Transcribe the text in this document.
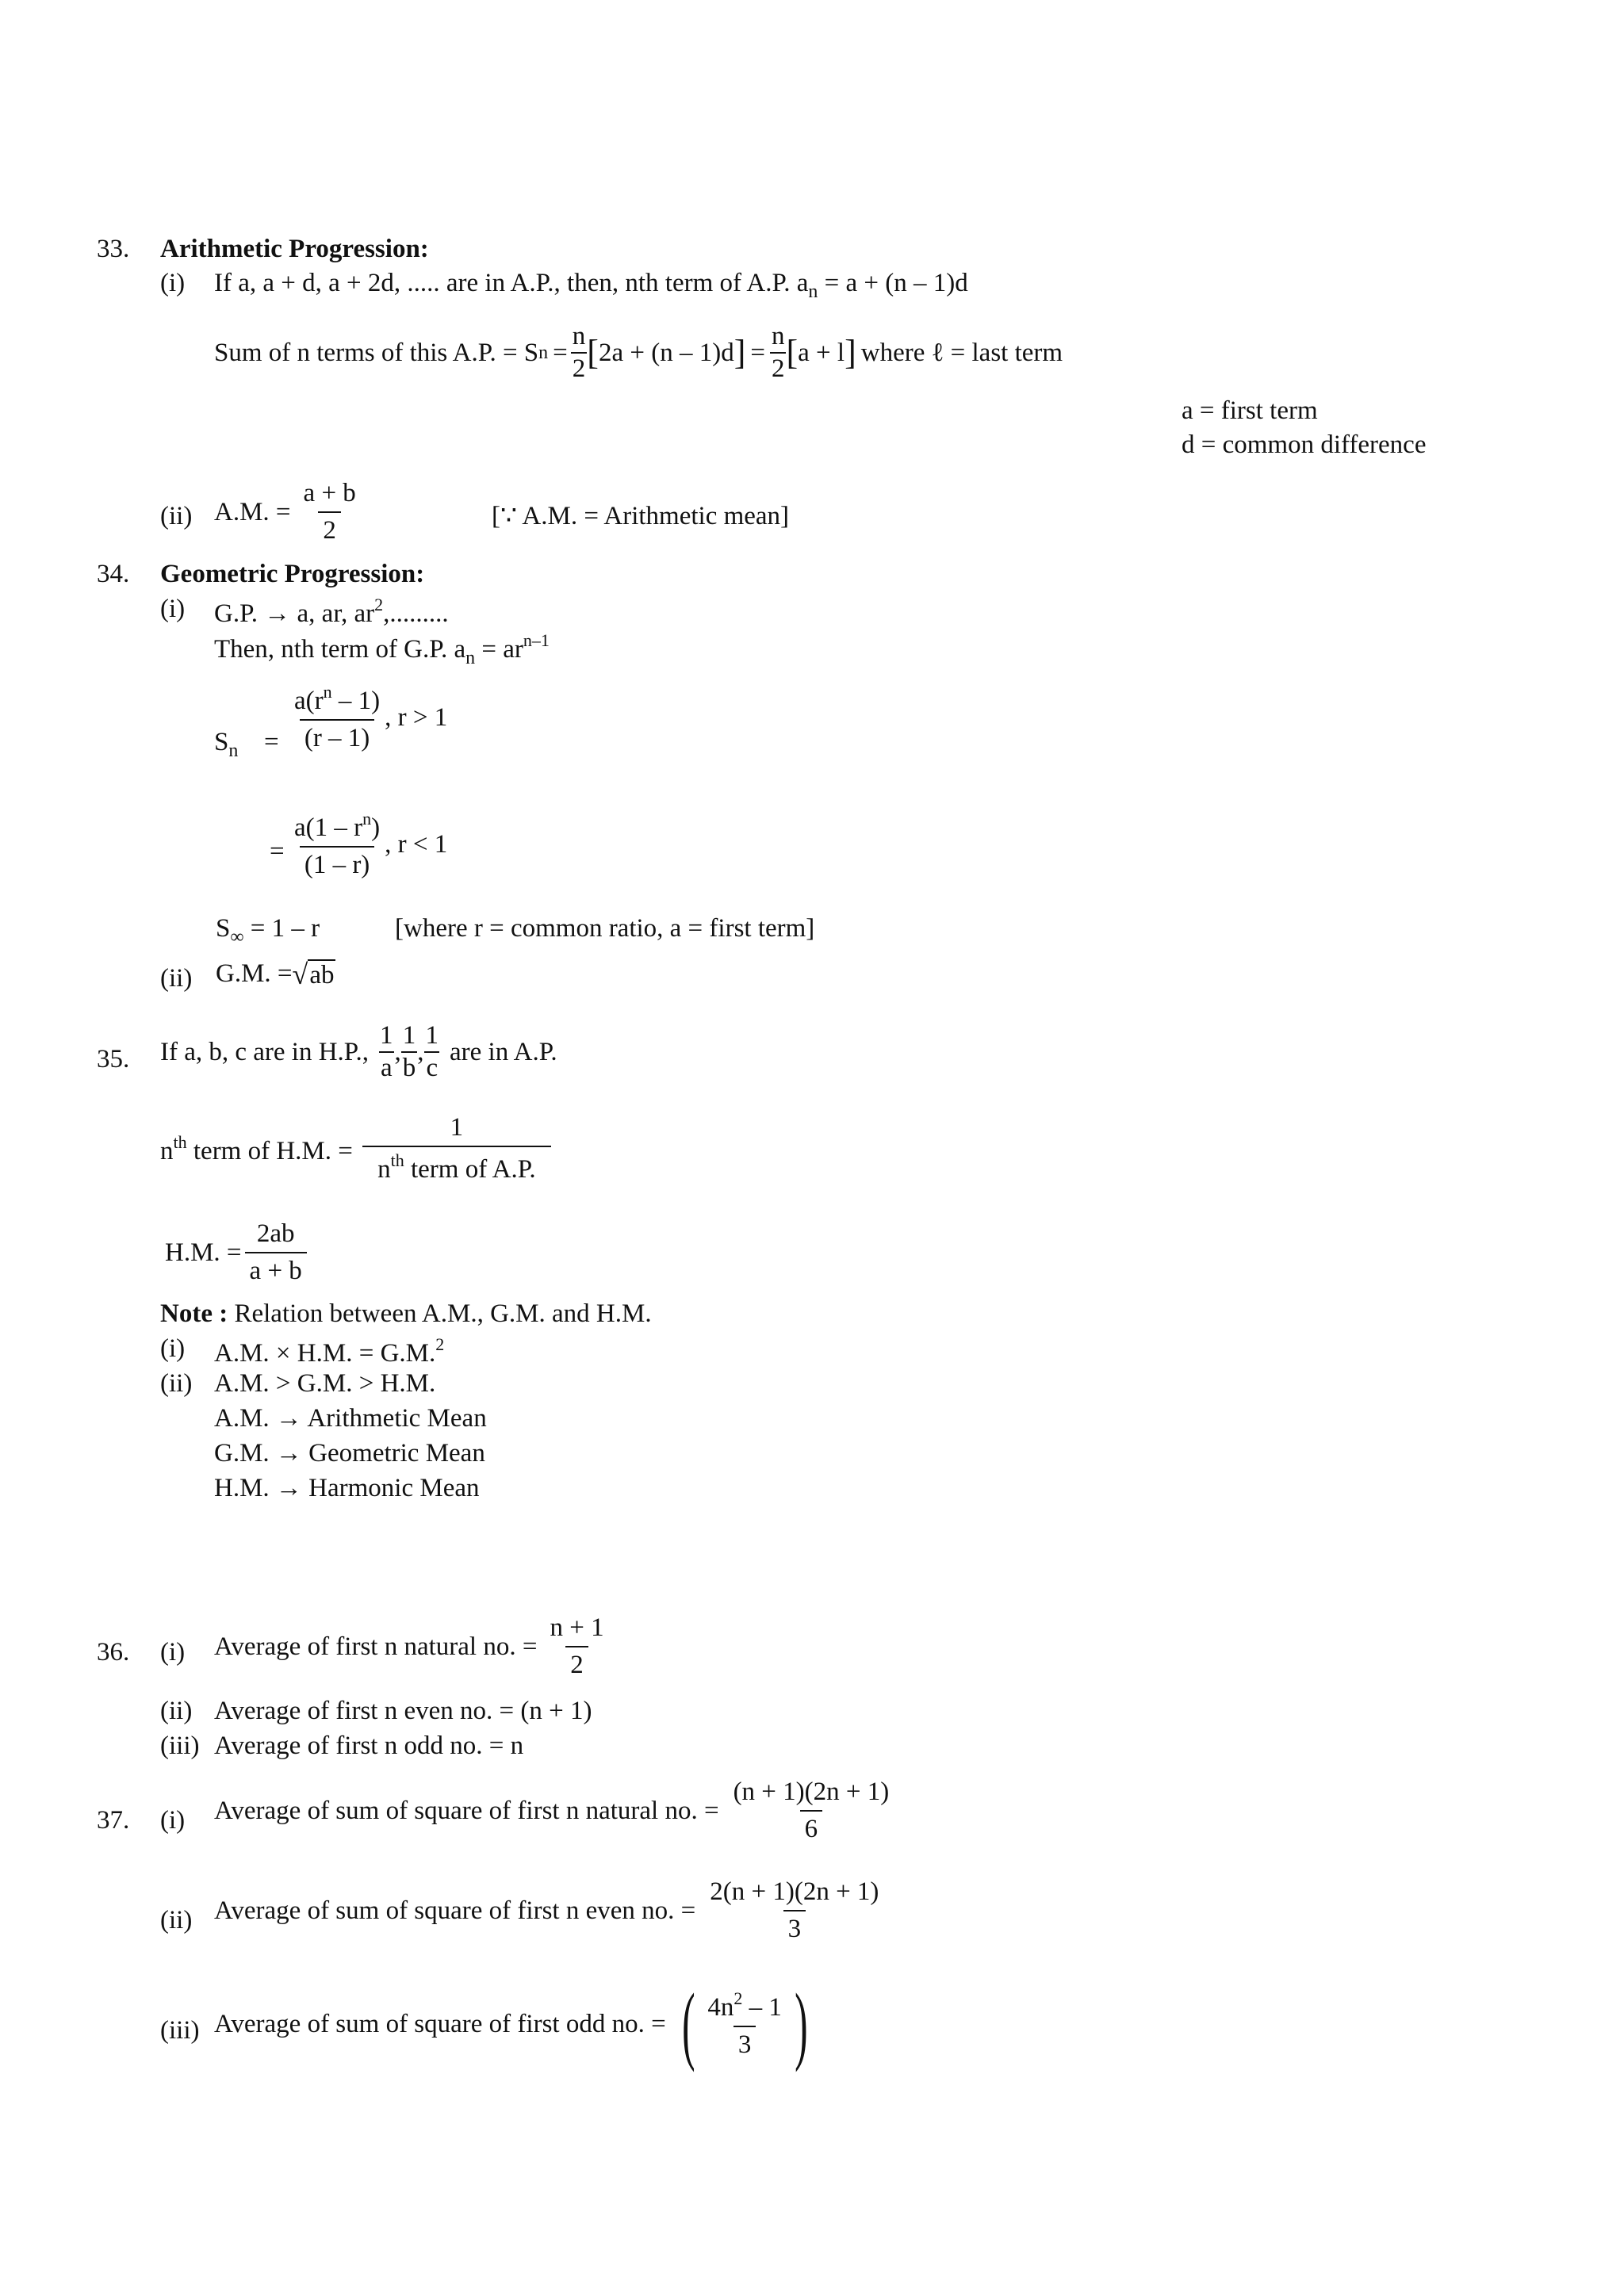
33. Arithmetic Progression:
(i) If a, a + d, a + 2d, ..... are in A.P., then, nth term of A.P. $a_n = a + (n - 1)d$
Sum of n terms of this A.P. = S $n = \frac{n}{2}$ [ 2a + (n – 1)d ] = $\frac{n}{2}$ [ a + l ] where ℓ = last term
a = first term
d = common difference
(ii) A.M. = $\frac{a + b}{2}$	[∵ A.M. = Arithmetic mean]
34. Geometric Progression:
(i) G.P. → a, ar, $ar^2$,.........
Then, nth term of G.P. $a_n = ar^{n-1}$
$S_n = \frac{a(r^n - 1)}{(r - 1)}$ , r > 1
= $\frac{a(1 - r^n)}{(1 - r)}$ , r < 1
$S_\infty = 1 - r$	[where r = common ratio, a = first term]
(ii) G.M. = √ ab
35. If a, b, c are in H.P., $\frac{1}{a}$ , $\frac{1}{b}$ , $\frac{1}{c}$ are in A.P.
$n^{th}$ term of H.M. = $\frac{1}{n^{th} term of A.P.}$
H.M. = $\frac{2ab}{a + b}$
Note : Relation between A.M., G.M. and H.M.
(i) A.M. × H.M. = G.M.$^2$
(ii) A.M. > G.M. > H.M.
A.M. → Arithmetic Mean
G.M. → Geometric Mean
H.M. → Harmonic Mean
36. (i) Average of first n natural no. = $\frac{n + 1}{2}$
(ii) Average of first n even no. = (n + 1)
(iii) Average of first n odd no. = n
37. (i) Average of sum of square of first n natural no. = $\frac{(n + 1)(2n + 1)}{6}$
(ii) Average of sum of square of first n even no. = $\frac{2(n + 1)(2n + 1)}{3}$
(iii) Average of sum of square of first odd no. = ( $\frac{4n^2 - 1}{3}$ )
